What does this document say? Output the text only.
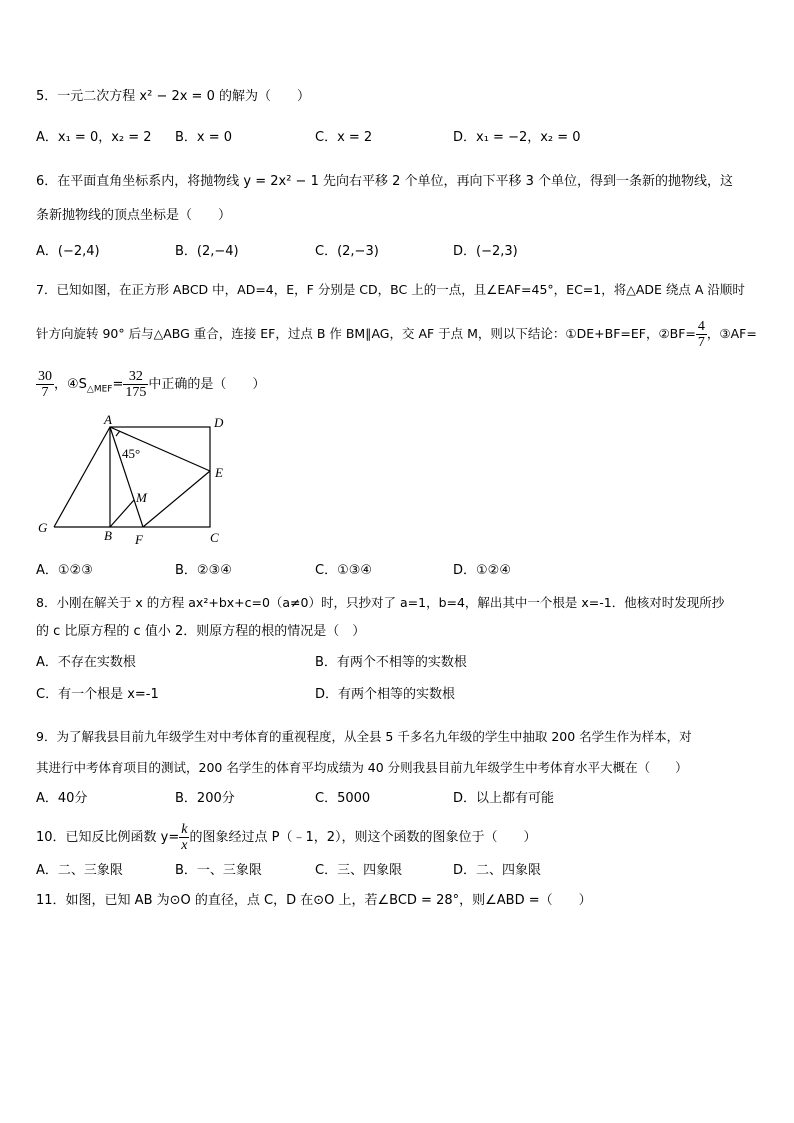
5．一元二次方程 x² − 2x = 0 的解为（　　）
A．x₁ = 0，x₂ = 2 B．x = 0	C．x = 2	D．x₁ = −2，x₂ = 0
6．在平面直角坐标系内，将抛物线 y = 2x² − 1 先向右平移 2 个单位，再向下平移 3 个单位，得到一条新的抛物线，这
条新抛物线的顶点坐标是（　　）
A．(−2,4)	B．(2,−4)	C．(2,−3)	D．(−2,3)
7．已知如图，在正方形 ABCD 中，AD=4，E，F 分别是 CD，BC 上的一点，且∠EAF=45°，EC=1，将△ADE 绕点 A 沿顺时
针方向旋转 90° 后与△ABG 重合，连接 EF，过点 B 作 BM∥AG，交 AF 于点 M，则以下结论：①DE+BF=EF，②BF= $\frac{4}{7}$ ，③AF=
$\frac{30}{7}$ ，$④S_{\triangle MEF}= \frac{32}{175}$ 中正确的是（　　）
A	D
E
C
F
B
G
M
45°
A．①②③	B．②③④	C．①③④	D．①②④
8．小刚在解关于 x 的方程 ax²+bx+c=0（a≠0）时，只抄对了 a=1，b=4，解出其中一个根是 x=-1．他核对时发现所抄
的 c 比原方程的 c 值小 2．则原方程的根的情况是（　）
A．不存在实数根	B．有两个不相等的实数根
C．有一个根是 x=-1	D．有两个相等的实数根
9．为了解我县目前九年级学生对中考体育的重视程度，从全县 5 千多名九年级的学生中抽取 200 名学生作为样本，对
其进行中考体育项目的测试，200 名学生的体育平均成绩为 40 分则我县目前九年级学生中考体育水平大概在（　　）
A．40分	B．200分	C．5000	D．以上都有可能
10．已知反比例函数 $y= \frac{k}{x}$ 的图象经过点 P（﹣1，2），则这个函数的图象位于（　　）
A．二、三象限	B．一、三象限	C．三、四象限	D．二、四象限
11．如图，已知 AB 为⊙O 的直径，点 C，D 在⊙O 上，若∠BCD = 28°，则∠ABD =（　　）
